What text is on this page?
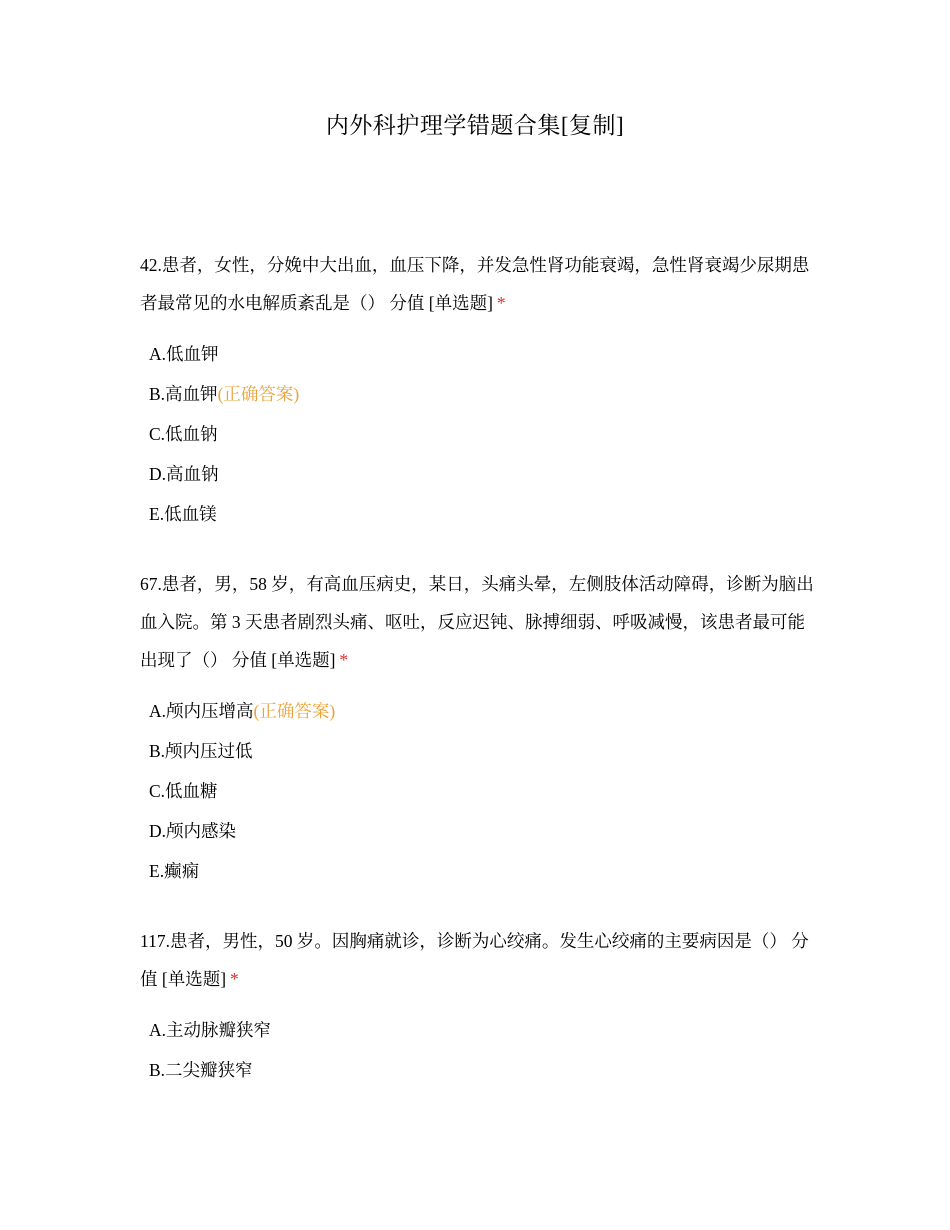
内外科护理学错题合集[复制]

42.患者，女性，分娩中大出血，血压下降，并发急性肾功能衰竭，急性肾衰竭少尿期患者最常见的水电解质紊乱是（） 分值 [单选题] *

A.低血钾
B.高血钾(正确答案)
C.低血钠
D.高血钠
E.低血镁

67.患者，男，58 岁，有高血压病史，某日，头痛头晕，左侧肢体活动障碍，诊断为脑出血入院。第 3 天患者剧烈头痛、呕吐，反应迟钝、脉搏细弱、呼吸减慢，该患者最可能出现了（） 分值 [单选题] *

A.颅内压增高(正确答案)
B.颅内压过低
C.低血糖
D.颅内感染
E.癫痫

117.患者，男性，50 岁。因胸痛就诊，诊断为心绞痛。发生心绞痛的主要病因是（） 分值 [单选题] *

A.主动脉瓣狭窄
B.二尖瓣狭窄
